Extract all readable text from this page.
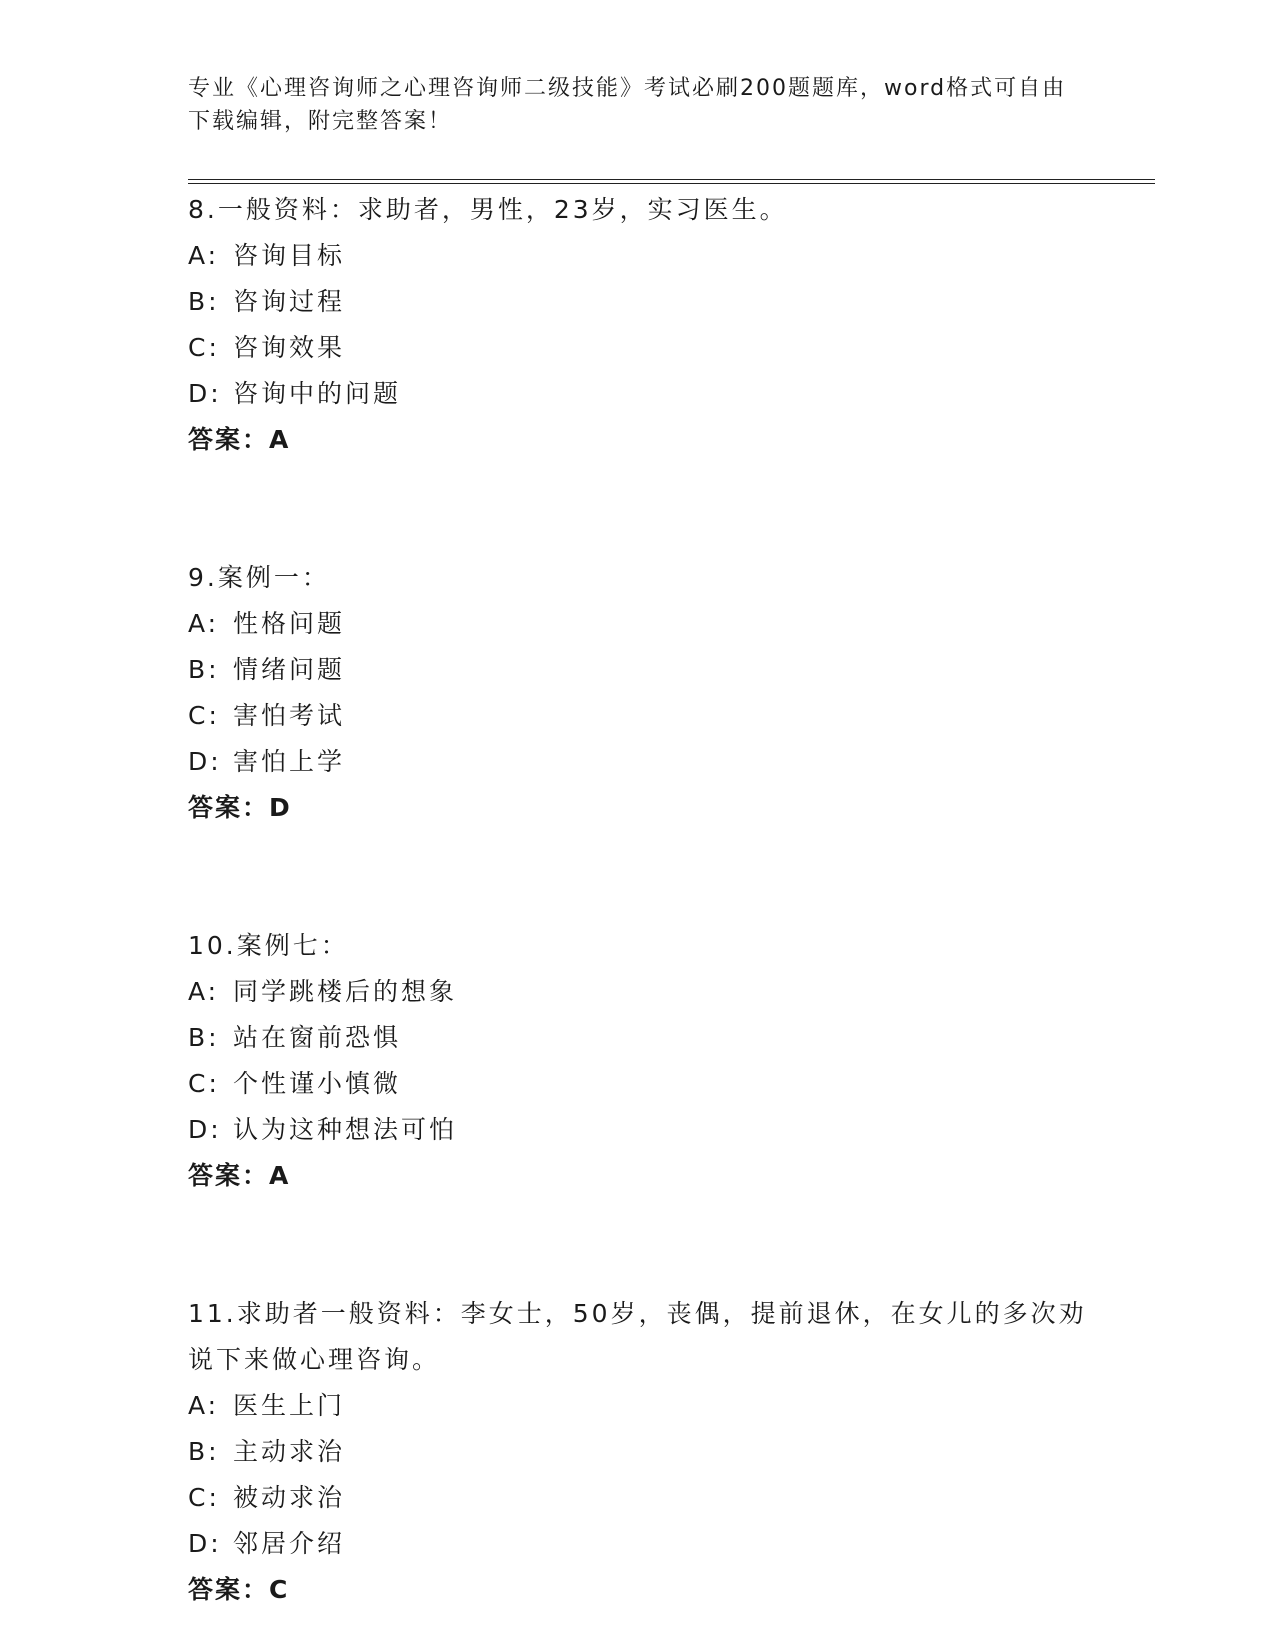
专业《心理咨询师之心理咨询师二级技能》考试必刷200题题库，word格式可自由下载编辑，附完整答案！

8.一般资料：求助者，男性，23岁，实习医生。

A: 咨询目标

B: 咨询过程

C: 咨询效果

D: 咨询中的问题

答案：A

9.案例一：

A: 性格问题

B: 情绪问题

C: 害怕考试

D: 害怕上学

答案：D

10.案例七：

A: 同学跳楼后的想象

B: 站在窗前恐惧

C: 个性谨小慎微

D: 认为这种想法可怕

答案：A

11.求助者一般资料：李女士，50岁，丧偶，提前退休，在女儿的多次劝说下来做心理咨询。

A: 医生上门

B: 主动求治

C: 被动求治

D: 邻居介绍

答案：C
